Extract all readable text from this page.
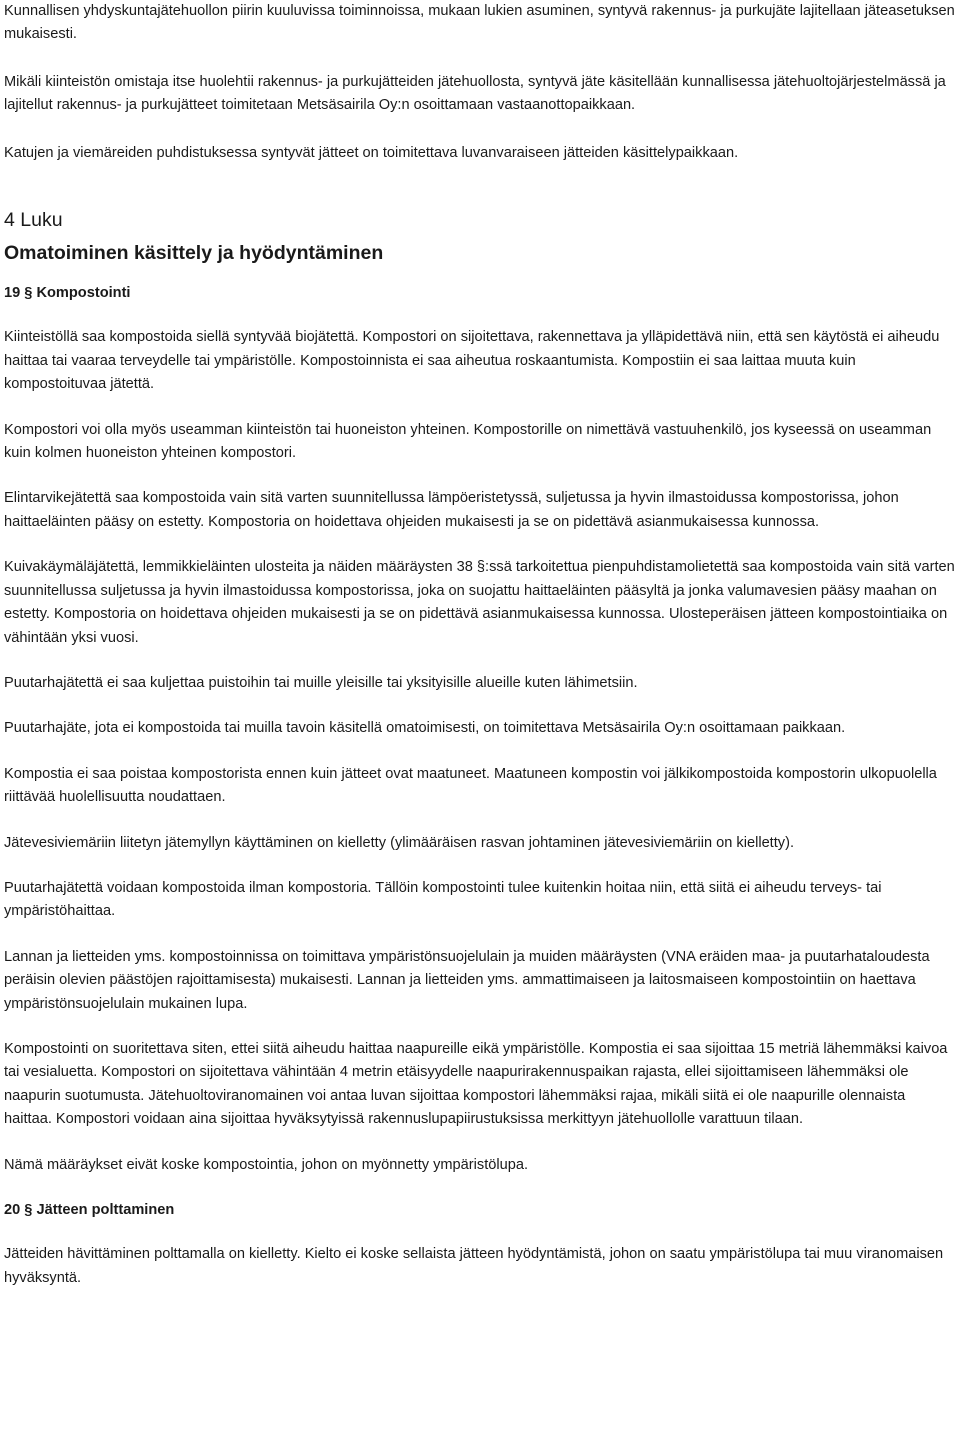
Kunnallisen yhdyskuntajätehuollon piirin kuuluvissa toiminnoissa, mukaan lukien asuminen, syntyvä rakennus- ja purkujäte lajitellaan jäteasetuksen mukaisesti.

Mikäli kiinteistön omistaja itse huolehtii rakennus- ja purkujätteiden jätehuollosta, syntyvä jäte käsitellään kunnallisessa jätehuoltojärjestelmässä ja lajitellut rakennus- ja purkujätteet toimitetaan Metsäsairila Oy:n osoittamaan vastaanottopaikkaan.

Katujen ja viemäreiden puhdistuksessa syntyvät jätteet on toimitettava luvanvaraiseen jätteiden käsittelypaikkaan.

4 Luku
Omatoiminen käsittely ja hyödyntäminen
19 § Kompostointi

Kiinteistöllä saa kompostoida siellä syntyvää biojätettä. Kompostori on sijoitettava, rakennettava ja ylläpidettävä niin, että sen käytöstä ei aiheudu haittaa tai vaaraa terveydelle tai ympäristölle. Kompostoinnista ei saa aiheutua roskaantumista. Kompostiin ei saa laittaa muuta kuin kompostoituvaa jätettä.

Kompostori voi olla myös useamman kiinteistön tai huoneiston yhteinen. Kompostorille on nimettävä vastuuhenkilö, jos kyseessä on useamman kuin kolmen huoneiston yhteinen kompostori.

Elintarvikejätettä saa kompostoida vain sitä varten suunnitellussa lämpöeristetyssä, suljetussa ja hyvin ilmastoidussa kompostorissa, johon haittaeläinten pääsy on estetty. Kompostoria on hoidettava ohjeiden mukaisesti ja se on pidettävä asianmukaisessa kunnossa.

Kuivakäymäläjätettä, lemmikkieläinten ulosteita ja näiden määräysten 38 §:ssä tarkoitettua pienpuhdistamolietettä saa kompostoida vain sitä varten suunnitellussa suljetussa ja hyvin ilmastoidussa kompostorissa, joka on suojattu haittaeläinten pääsyltä ja jonka valumavesien pääsy maahan on estetty. Kompostoria on hoidettava ohjeiden mukaisesti ja se on pidettävä asianmukaisessa kunnossa. Ulosteperäisen jätteen kompostointiaika on vähintään yksi vuosi.

Puutarhajätettä ei saa kuljettaa puistoihin tai muille yleisille tai yksityisille alueille kuten lähimetsiin.

Puutarhajäte, jota ei kompostoida tai muilla tavoin käsitellä omatoimisesti, on toimitettava Metsäsairila Oy:n osoittamaan paikkaan.

Kompostia ei saa poistaa kompostorista ennen kuin jätteet ovat maatuneet. Maatuneen kompostin voi jälkikompostoida kompostorin ulkopuolella riittävää huolellisuutta noudattaen.

Jätevesiviemäriin liitetyn jätemyllyn käyttäminen on kielletty (ylimääräisen rasvan johtaminen jätevesiviemäriin on kielletty).

Puutarhajätettä voidaan kompostoida ilman kompostoria. Tällöin kompostointi tulee kuitenkin hoitaa niin, että siitä ei aiheudu terveys- tai ympäristöhaittaa.

Lannan ja lietteiden yms. kompostoinnissa on toimittava ympäristönsuojelulain ja muiden määräysten (VNA eräiden maa- ja puutarhataloudesta peräisin olevien päästöjen rajoittamisesta) mukaisesti. Lannan ja lietteiden yms. ammattimaiseen ja laitosmaiseen kompostointiin on haettava ympäristönsuojelulain mukainen lupa.

Kompostointi on suoritettava siten, ettei siitä aiheudu haittaa naapureille eikä ympäristölle. Kompostia ei saa sijoittaa 15 metriä lähemmäksi kaivoa tai vesialuetta. Kompostori on sijoitettava vähintään 4 metrin etäisyydelle naapurirakennuspaikan rajasta, ellei sijoittamiseen lähemmäksi ole naapurin suotumusta. Jätehuoltoviranomainen voi antaa luvan sijoittaa kompostori lähemmäksi rajaa, mikäli siitä ei ole naapurille olennaista haittaa. Kompostori voidaan aina sijoittaa hyväksytyissä rakennuslupapiirustuksissa merkittyyn jätehuollolle varattuun tilaan.

Nämä määräykset eivät koske kompostointia, johon on myönnetty ympäristölupa.

20 § Jätteen polttaminen

Jätteiden hävittäminen polttamalla on kielletty. Kielto ei koske sellaista jätteen hyödyntämistä, johon on saatu ympäristölupa tai muu viranomaisen hyväksyntä.
